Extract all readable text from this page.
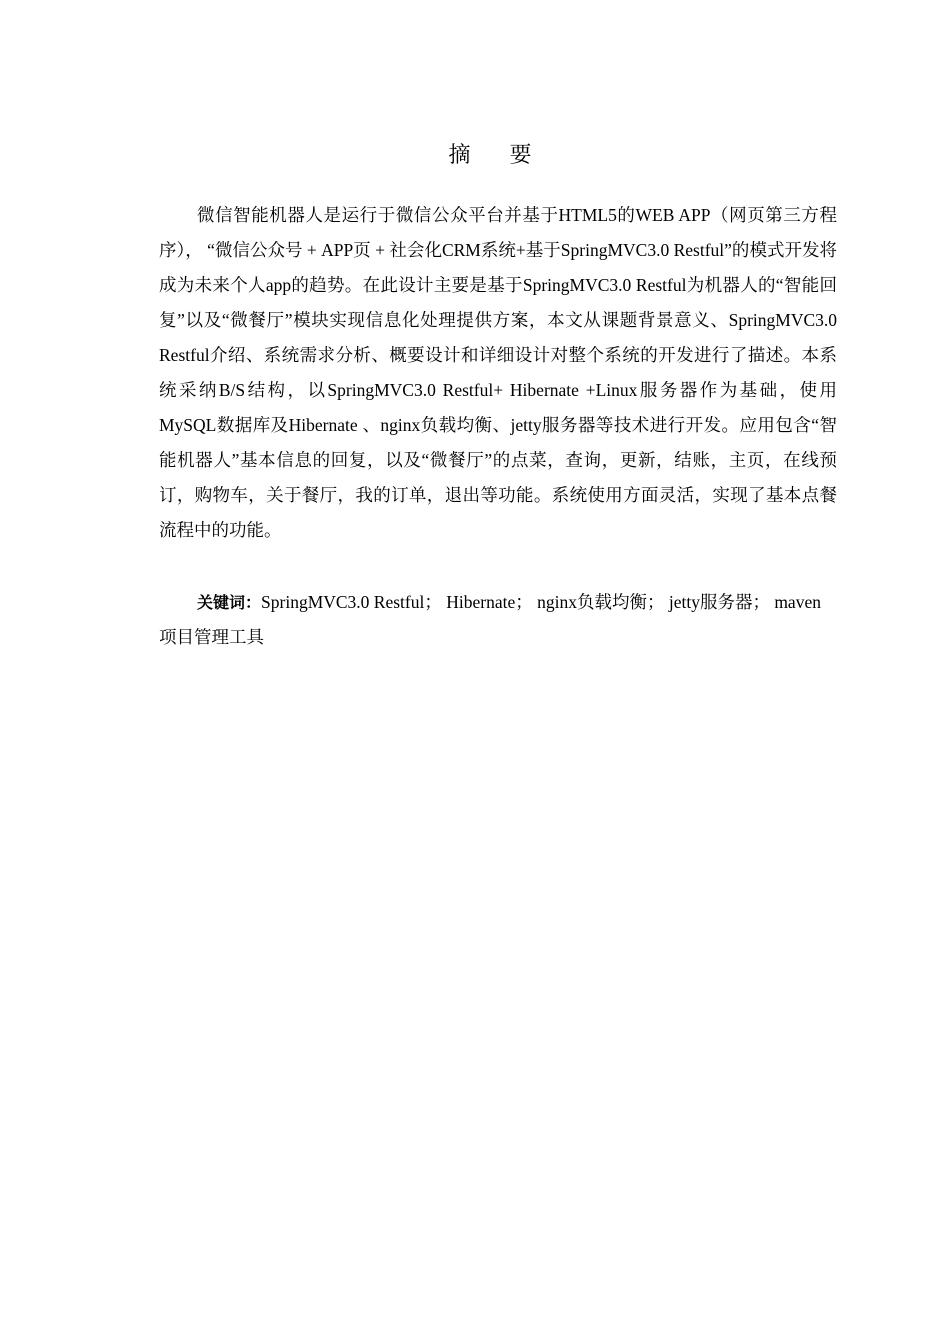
摘 要

微信智能机器人是运行于微信公众平台并基于HTML5的WEB APP（网页第三方程序）， “微信公众号 + APP页 + 社会化CRM系统+基于SpringMVC3.0 Restful”的模式开发将成为未来个人app的趋势。在此设计主要是基于SpringMVC3.0 Restful为机器人的“智能回复”以及“微餐厅”模块实现信息化处理提供方案，本文从课题背景意义、SpringMVC3.0 Restful介绍、系统需求分析、概要设计和详细设计对整个系统的开发进行了描述。本系统采纳B/S结构，以SpringMVC3.0 Restful+ Hibernate +Linux服务器作为基础，使用MySQL数据库及Hibernate 、nginx负载均衡、jetty服务器等技术进行开发。应用包含“智能机器人”基本信息的回复，以及“微餐厅”的点菜，查询，更新，结账，主页，在线预订，购物车，关于餐厅，我的订单，退出等功能。系统使用方面灵活，实现了基本点餐流程中的功能。

关键词：SpringMVC3.0 Restful； Hibernate； nginx负载均衡； jetty服务器； maven项目管理工具
